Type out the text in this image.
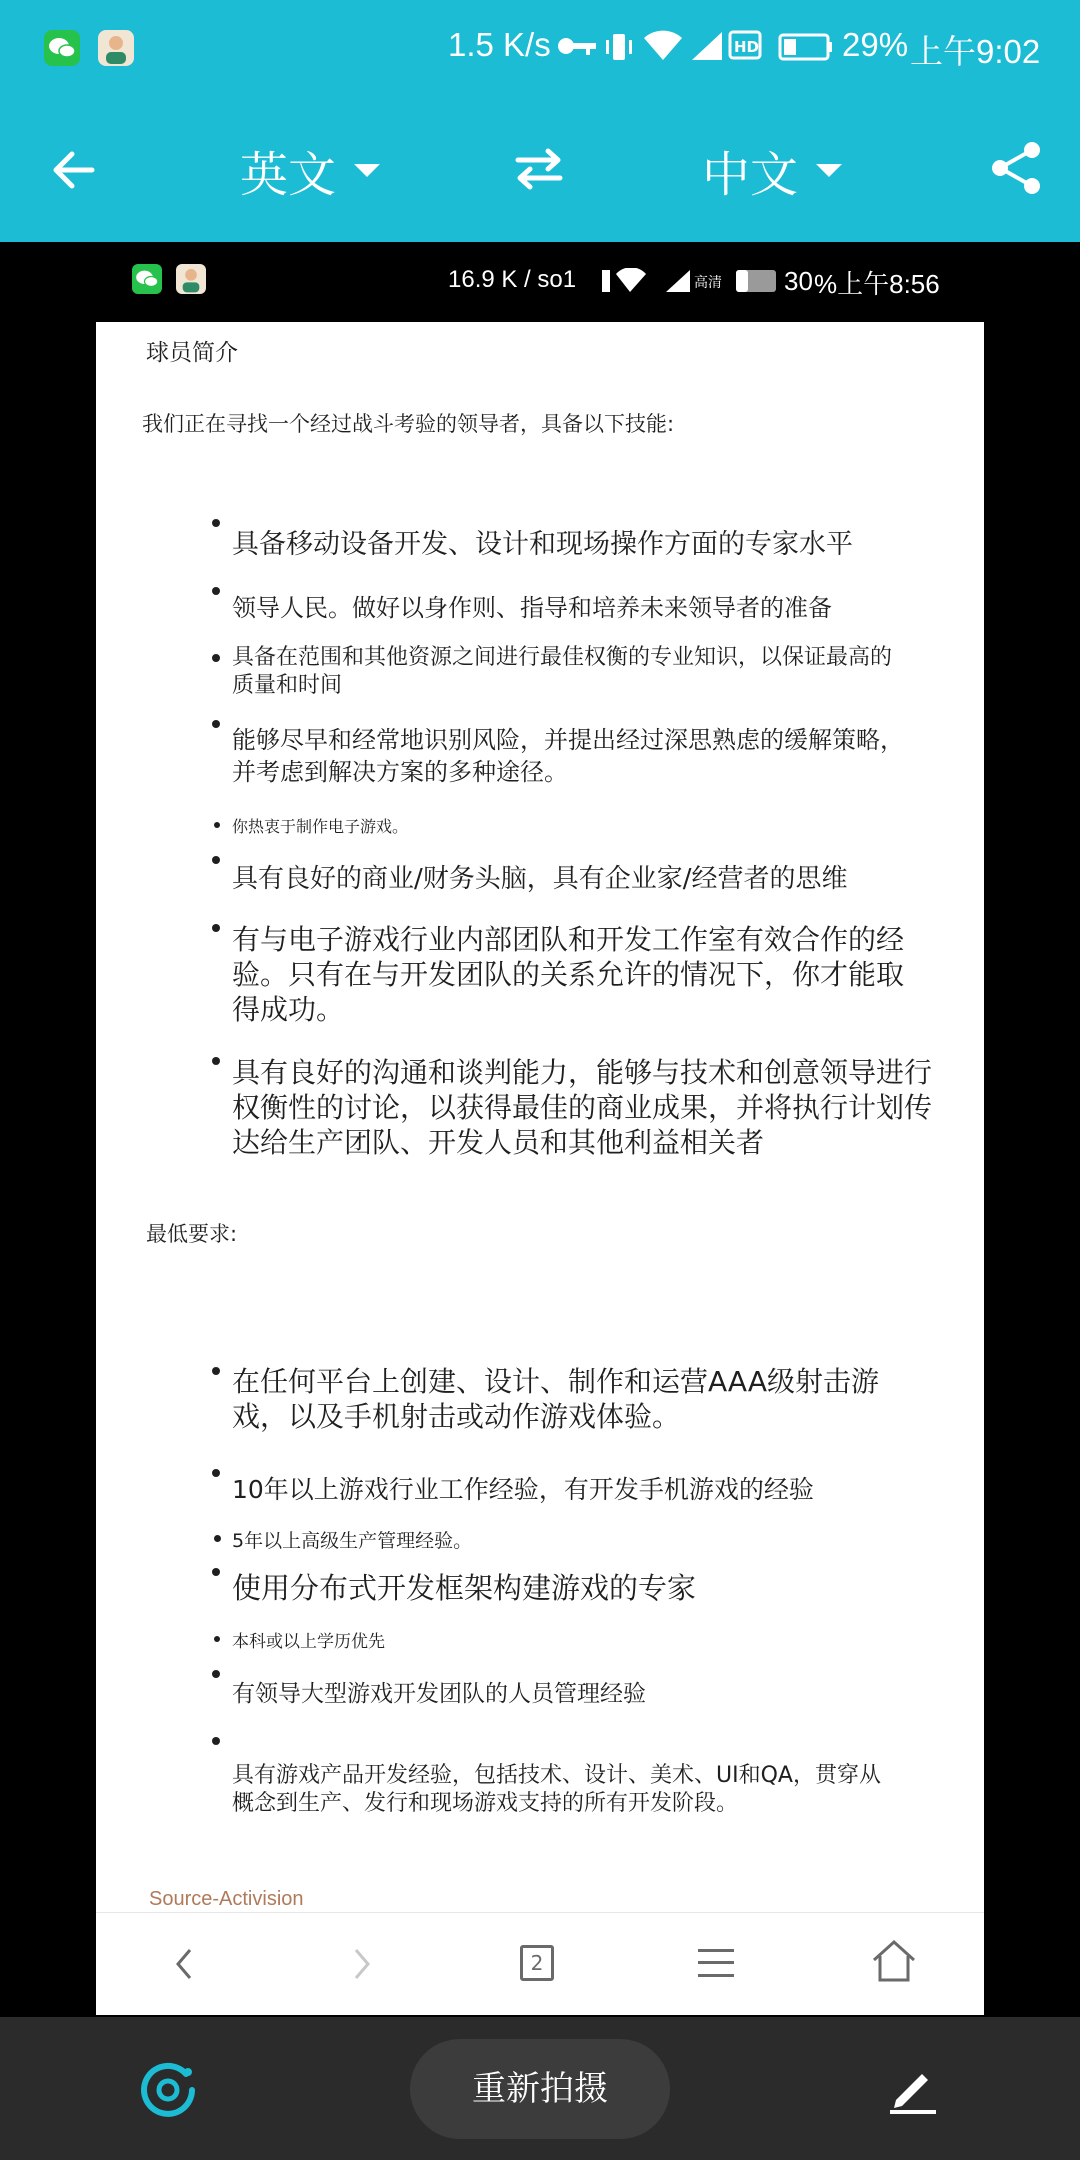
1.5 K/s	HD	29% 上午9:02
英文	中文
16.9 K / so1	高清 30 %上午8:56
球员简介
我们正在寻找一个经过战斗考验的领导者，具备以下技能:
具备移动设备开发、设计和现场操作方面的专家水平
领导人民。做好以身作则、指导和培养未来领导者的准备
具备在范围和其他资源之间进行最佳权衡的专业知识，以保证最高的质量和时间
能够尽早和经常地识别风险，并提出经过深思熟虑的缓解策略，并考虑到解决方案的多种途径。
你热衷于制作电子游戏。
具有良好的商业/财务头脑，具有企业家/经营者的思维
有与电子游戏行业内部团队和开发工作室有效合作的经验。只有在与开发团队的关系允许的情况下，你才能取得成功。
具有良好的沟通和谈判能力，能够与技术和创意领导进行权衡性的讨论，以获得最佳的商业成果，并将执行计划传达给生产团队、开发人员和其他利益相关者
最低要求:
在任何平台上创建、设计、制作和运营AAA级射击游戏，以及手机射击或动作游戏体验。
10年以上游戏行业工作经验，有开发手机游戏的经验
5年以上高级生产管理经验。
使用分布式开发框架构建游戏的专家
本科或以上学历优先
有领导大型游戏开发团队的人员管理经验
具有游戏产品开发经验，包括技术、设计、美术、UI和QA，贯穿从概念到生产、发行和现场游戏支持的所有开发阶段。
Source-Activision
2
重新拍摄
